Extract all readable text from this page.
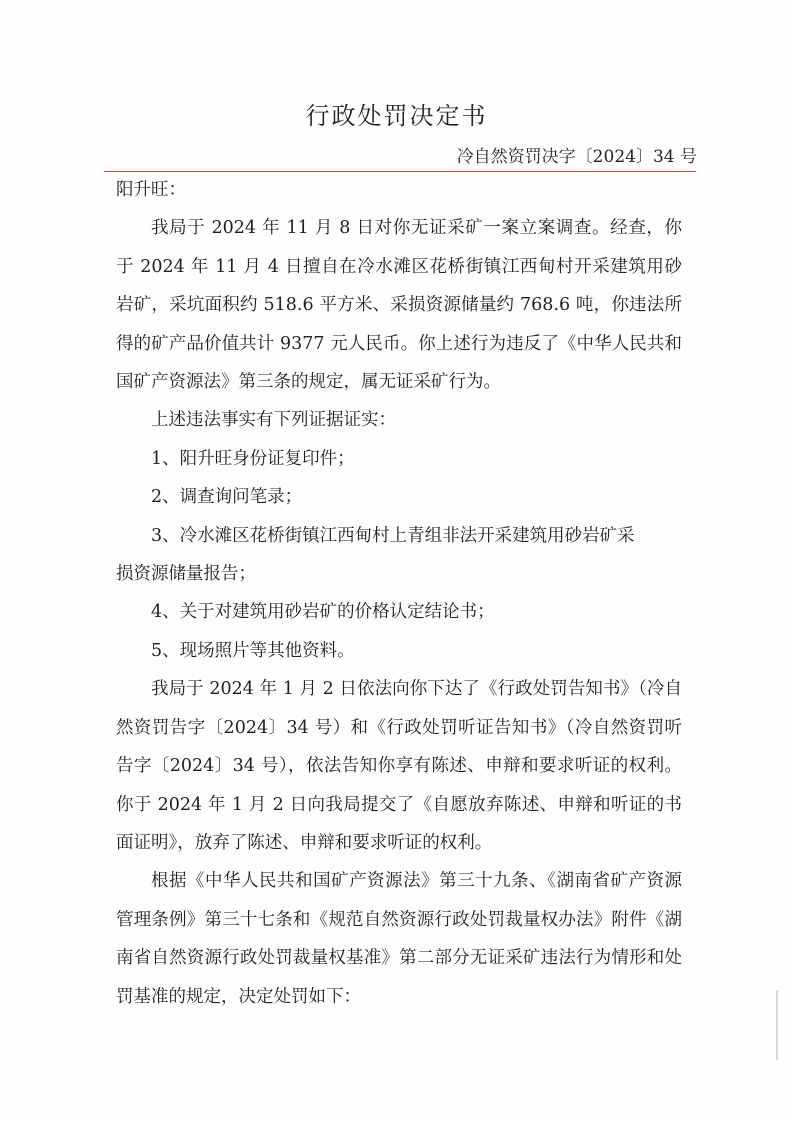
行政处罚决定书
冷自然资罚决字〔2024〕34 号

阳升旺：

我局于 2024 年 11 月 8 日对你无证采矿一案立案调查。经查，你于 2024 年 11 月 4 日擅自在冷水滩区花桥街镇江西甸村开采建筑用砂岩矿，采坑面积约 518.6 平方米、采损资源储量约 768.6 吨，你违法所得的矿产品价值共计 9377 元人民币。你上述行为违反了《中华人民共和国矿产资源法》第三条的规定，属无证采矿行为。

上述违法事实有下列证据证实：

1、阳升旺身份证复印件；

2、调查询问笔录；

3、冷水滩区花桥街镇江西甸村上青组非法开采建筑用砂岩矿采
损资源储量报告；

4、关于对建筑用砂岩矿的价格认定结论书；

5、现场照片等其他资料。

我局于 2024 年 1 月 2 日依法向你下达了《行政处罚告知书》（冷自然资罚告字〔2024〕34 号）和《行政处罚听证告知书》（冷自然资罚听告字〔2024〕34 号），依法告知你享有陈述、申辩和要求听证的权利。你于 2024 年 1 月 2 日向我局提交了《自愿放弃陈述、申辩和听证的书面证明》，放弃了陈述、申辩和要求听证的权利。

根据《中华人民共和国矿产资源法》第三十九条、《湖南省矿产资源管理条例》第三十七条和《规范自然资源行政处罚裁量权办法》附件《湖南省自然资源行政处罚裁量权基准》第二部分无证采矿违法行为情形和处罚基准的规定，决定处罚如下：
